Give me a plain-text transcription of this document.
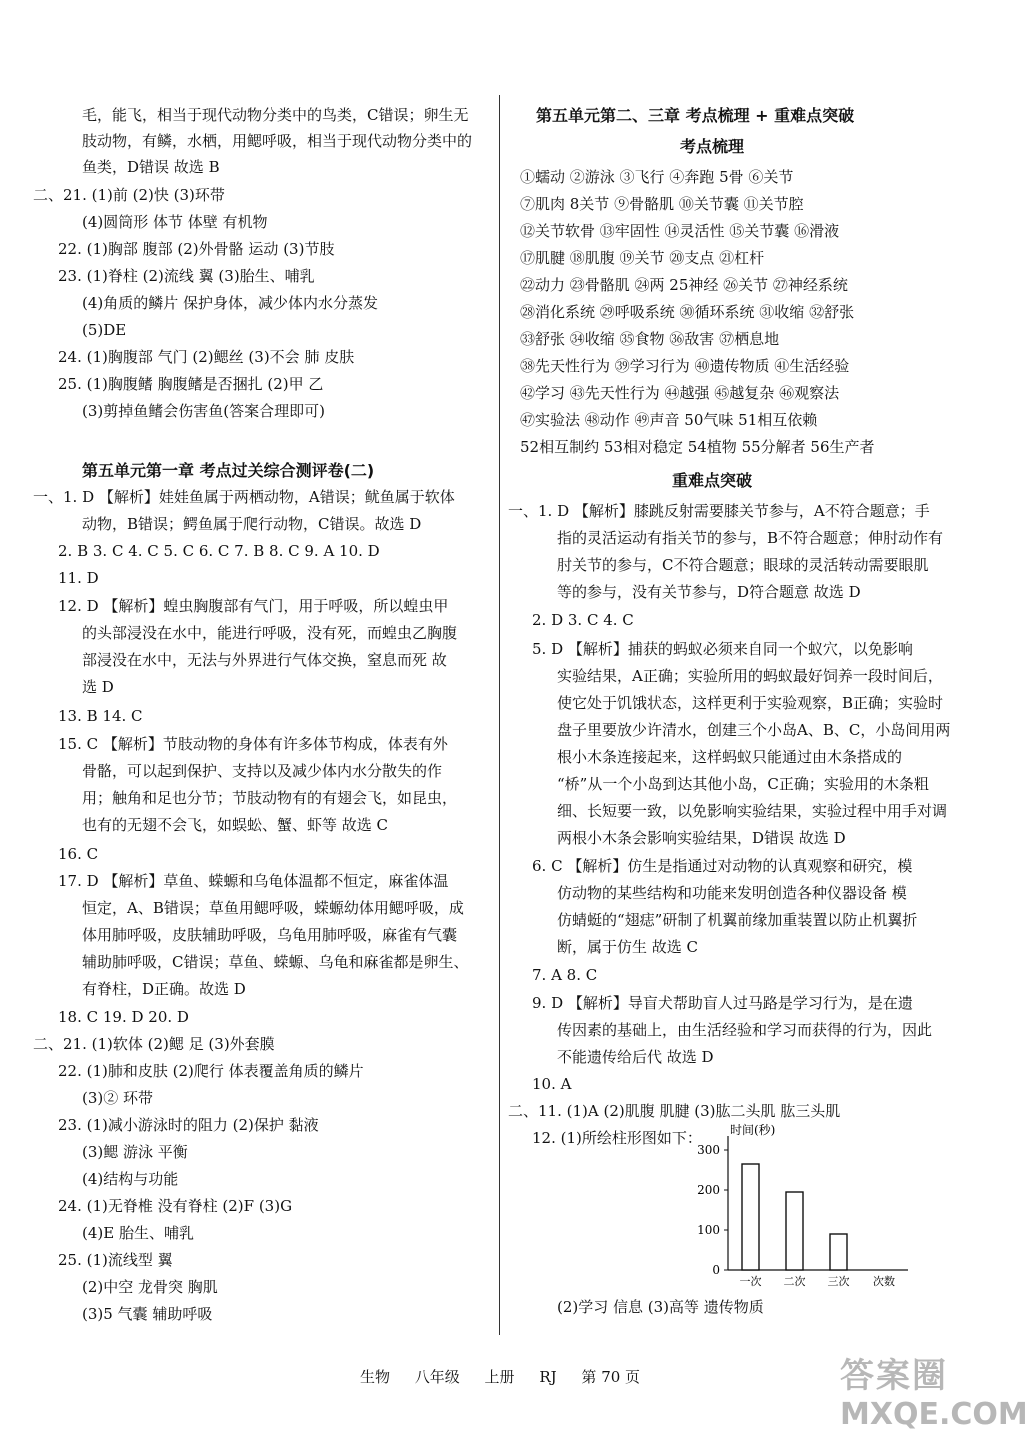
毛，能飞，相当于现代动物分类中的鸟类，C错误；卵生无
肢动物，有鳞，水栖，用鳃呼吸，相当于现代动物分类中的
鱼类，D错误 故选 B
二、21. (1)前 (2)快 (3)环带
(4)圆筒形 体节 体壁 有机物
22. (1)胸部 腹部 (2)外骨骼 运动 (3)节肢
23. (1)脊柱 (2)流线 翼 (3)胎生、哺乳
(4)角质的鳞片 保护身体，减少体内水分蒸发
(5)DE
24. (1)胸腹部 气门 (2)鳃丝 (3)不会 肺 皮肤
25. (1)胸腹鳍 胸腹鳍是否捆扎 (2)甲 乙
(3)剪掉鱼鳍会伤害鱼(答案合理即可)
第五单元第一章 考点过关综合测评卷(二)
一、1. D 【解析】娃娃鱼属于两栖动物，A错误；鱿鱼属于软体
动物，B错误；鳄鱼属于爬行动物，C错误。故选 D
2. B 3. C 4. C 5. C 6. C 7. B 8. C 9. A 10. D
11. D
12. D 【解析】蝗虫胸腹部有气门，用于呼吸，所以蝗虫甲
的头部浸没在水中，能进行呼吸，没有死，而蝗虫乙胸腹
部浸没在水中，无法与外界进行气体交换，窒息而死 故
选 D
13. B 14. C
15. C 【解析】节肢动物的身体有许多体节构成，体表有外
骨骼，可以起到保护、支持以及减少体内水分散失的作
用；触角和足也分节；节肢动物有的有翅会飞，如昆虫，
也有的无翅不会飞，如蜈蚣、蟹、虾等 故选 C
16. C
17. D 【解析】草鱼、蝾螈和乌龟体温都不恒定，麻雀体温
恒定，A、B错误；草鱼用鳃呼吸，蝾螈幼体用鳃呼吸，成
体用肺呼吸，皮肤辅助呼吸，乌龟用肺呼吸，麻雀有气囊
辅助肺呼吸，C错误；草鱼、蝾螈、乌龟和麻雀都是卵生、
有脊柱，D正确。故选 D
18. C 19. D 20. D
二、21. (1)软体 (2)鳃 足 (3)外套膜
22. (1)肺和皮肤 (2)爬行 体表覆盖角质的鳞片
(3)② 环带
23. (1)减小游泳时的阻力 (2)保护 黏液
(3)鳃 游泳 平衡
(4)结构与功能
24. (1)无脊椎 没有脊柱 (2)F (3)G
(4)E 胎生、哺乳
25. (1)流线型 翼
(2)中空 龙骨突 胸肌
(3)5 气囊 辅助呼吸
第五单元第二、三章 考点梳理 + 重难点突破
考点梳理
①蠕动 ②游泳 ③飞行 ④奔跑 5骨 ⑥关节
⑦肌肉 8关节 ⑨骨骼肌 ⑩关节囊 ⑪关节腔
⑫关节软骨 ⑬牢固性 ⑭灵活性 ⑮关节囊 ⑯滑液
⑰肌腱 ⑱肌腹 ⑲关节 ⑳支点 ㉑杠杆
㉒动力 ㉓骨骼肌 ㉔两 25神经 ㉖关节 ㉗神经系统
㉘消化系统 ㉙呼吸系统 ㉚循环系统 ㉛收缩 ㉜舒张
㉝舒张 ㉞收缩 ㉟食物 ㊱敌害 ㊲栖息地
㊳先天性行为 ㊴学习行为 ㊵遗传物质 ㊶生活经验
㊷学习 ㊸先天性行为 ㊹越强 ㊺越复杂 ㊻观察法
㊼实验法 ㊽动作 ㊾声音 50气味 51相互依赖
52相互制约 53相对稳定 54植物 55分解者 56生产者
重难点突破
一、1. D 【解析】膝跳反射需要膝关节参与，A不符合题意；手
指的灵活运动有指关节的参与，B不符合题意；伸肘动作有
肘关节的参与，C不符合题意；眼球的灵活转动需要眼肌
等的参与，没有关节参与，D符合题意 故选 D
2. D 3. C 4. C
5. D 【解析】捕获的蚂蚁必须来自同一个蚁穴，以免影响
实验结果，A正确；实验所用的蚂蚁最好饲养一段时间后，
使它处于饥饿状态，这样更利于实验观察，B正确；实验时
盘子里要放少许清水，创建三个小岛A、B、C，小岛间用两
根小木条连接起来，这样蚂蚁只能通过由木条搭成的
“桥”从一个小岛到达其他小岛，C正确；实验用的木条粗
细、长短要一致，以免影响实验结果，实验过程中用手对调
两根小木条会影响实验结果，D错误 故选 D
6. C 【解析】仿生是指通过对动物的认真观察和研究，模
仿动物的某些结构和功能来发明创造各种仪器设备 模
仿蜻蜓的“翅痣”研制了机翼前缘加重装置以防止机翼折
断，属于仿生 故选 C
7. A 8. C
9. D 【解析】导盲犬帮助盲人过马路是学习行为，是在遗
传因素的基础上，由生活经验和学习而获得的行为，因此
不能遗传给后代 故选 D
10. A
二、11. (1)A (2)肌腹 肌腱 (3)肱二头肌 肱三头肌
12. (1)所绘柱形图如下：
0
100
200
300
时间(秒)
一次 二次 三次 次数
(2)学习 信息 (3)高等 遗传物质
生物 八年级 上册 RJ 第 70 页	答案圈
MXQE.COM
